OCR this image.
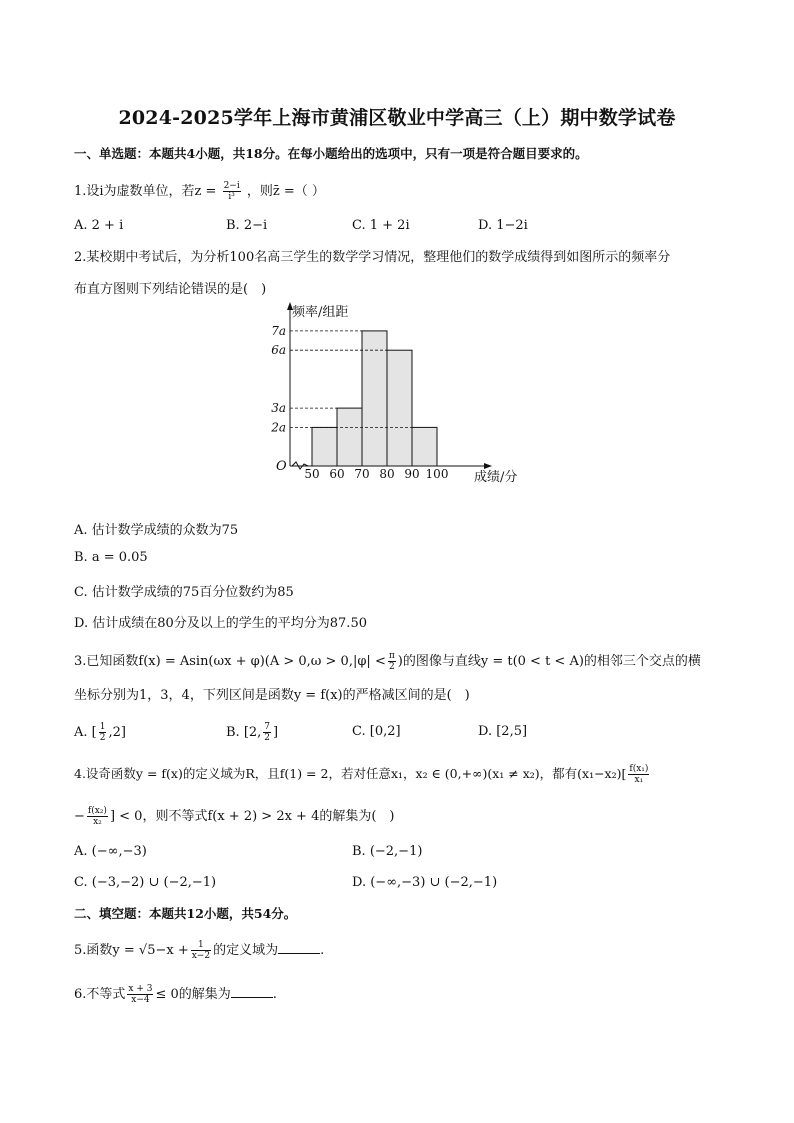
2024-2025学年上海市黄浦区敬业中学高三（上）期中数学试卷
一、单选题：本题共4小题，共18分。在每小题给出的选项中，只有一项是符合题目要求的。
1.设i为虚数单位，若$z = \frac{2-i}{\text{i³}}$ ，则z̄ =（ ）
A. 2 + i	B. 2−i	C. 1 + 2i	D. 1−2i
2.某校期中考试后，为分析100名高三学生的数学学习情况，整理他们的数学成绩得到如图所示的频率分
布直方图则下列结论错误的是(　)
7a
6a
3a
2a
50 60 70 80 90 100
O
频率/组距
成绩/分
A. 估计数学成绩的众数为75
B. a = 0.05
C. 估计数学成绩的75百分位数约为85
D. 估计成绩在80分及以上的学生的平均分为87.50
3.已知函数$f(x) = Asin(\omega x + \varphi)(A > 0,\omega > 0,|\varphi| < \frac{\pi}{2}$ )的图像与直线y = t(0 < t < A)的相邻三个交点的横
坐标分别为1，3，4，下列区间是函数y = f(x)的严格减区间的是(　)
A. [ $\frac{1}{2} ,2$]	B. [2, $\frac{7}{2}$ ]	C. [0,2]	D. [2,5]
4.设奇函数y = f(x)的定义域为R，且f(1) = 2，若对任意x₁，x₂ ∈ (0,+∞)(x₁ ≠ x₂)，都有$(x_1-x_2)[ \frac{\text{f(x₁)}}{\text{x₁}}$
− $\frac{\text{f(x₂)}}{\text{x₂}}$ ] < 0，则不等式f(x + 2) > 2x + 4的解集为(　)
A. (−∞,−3)	B. (−2,−1)
C. (−3,−2) ∪ (−2,−1)	D. (−∞,−3) ∪ (−2,−1)
二、填空题：本题共12小题，共54分。
5.函数$y = √5-x + \frac{1}{x-2}$ 的定义域为	.
6.不等式 $\frac{x + 3}{x-4} \le 0$的解集为	.
